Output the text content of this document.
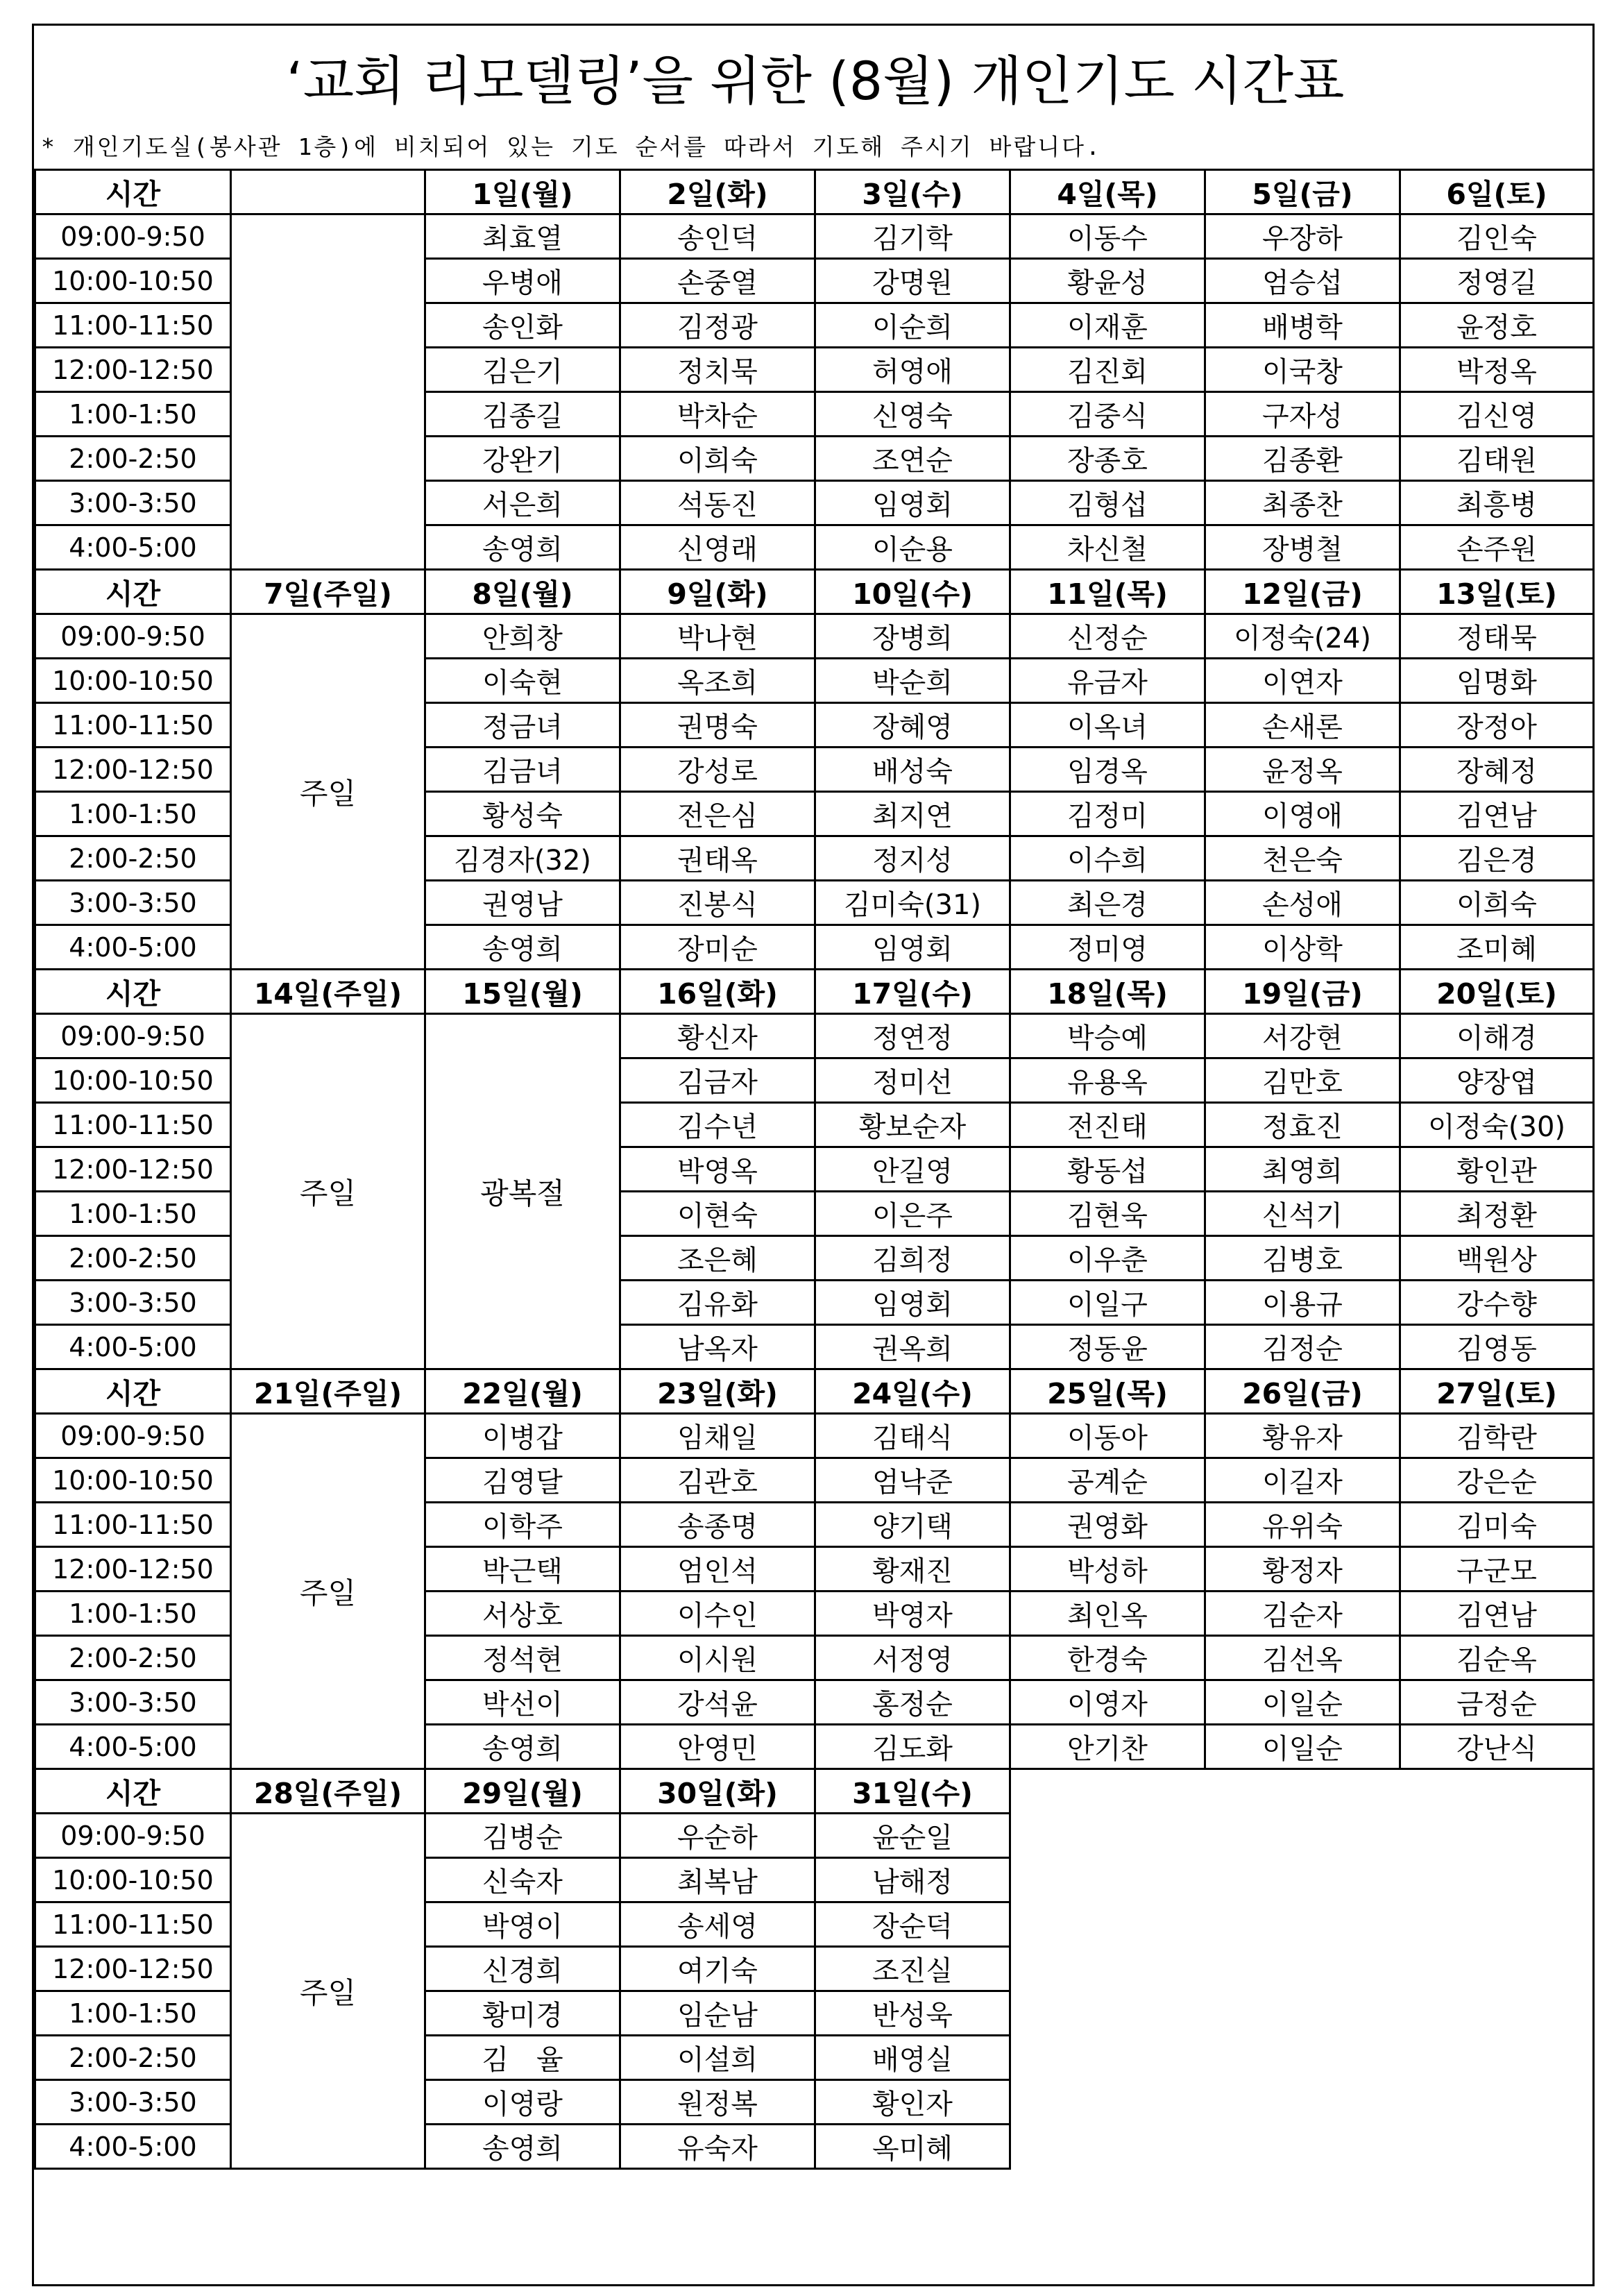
‘교회 리모델링’을 위한 (8월) 개인기도 시간표
* 개인기도실(봉사관 1층)에 비치되어 있는 기도 순서를 따라서 기도해 주시기 바랍니다.
시간		1일(월)	2일(화)	3일(수)	4일(목)	5일(금)	6일(토)
09:00-9:50		최효열	송인덕	김기학	이동수	우장하	김인숙
10:00-10:50		우병애	손중열	강명원	황윤성	엄승섭	정영길
11:00-11:50		송인화	김정광	이순희	이재훈	배병학	윤정호
12:00-12:50		김은기	정치묵	허영애	김진회	이국창	박정옥
1:00-1:50		김종길	박차순	신영숙	김중식	구자성	김신영
2:00-2:50		강완기	이희숙	조연순	장종호	김종환	김태원
3:00-3:50		서은희	석동진	임영회	김형섭	최종찬	최흥병
4:00-5:00		송영희	신영래	이순용	차신철	장병철	손주원
시간	7일(주일)	8일(월)	9일(화)	10일(수)	11일(목)	12일(금)	13일(토)
09:00-9:50	주일	안희창	박나현	장병희	신정순	이정숙(24)	정태묵
10:00-10:50		이숙현	옥조희	박순희	유금자	이연자	임명화
11:00-11:50		정금녀	권명숙	장혜영	이옥녀	손새론	장정아
12:00-12:50		김금녀	강성로	배성숙	임경옥	윤정옥	장혜정
1:00-1:50		황성숙	전은심	최지연	김정미	이영애	김연남
2:00-2:50		김경자(32)	권태옥	정지성	이수희	천은숙	김은경
3:00-3:50		권영남	진봉식	김미숙(31)	최은경	손성애	이희숙
4:00-5:00		송영희	장미순	임영회	정미영	이상학	조미혜
시간	14일(주일)	15일(월)	16일(화)	17일(수)	18일(목)	19일(금)	20일(토)
09:00-9:50	주일	광복절	황신자	정연정	박승예	서강현	이해경
10:00-10:50			김금자	정미선	유용옥	김만호	양장엽
11:00-11:50			김수년	황보순자	전진태	정효진	이정숙(30)
12:00-12:50			박영옥	안길영	황동섭	최영희	황인관
1:00-1:50			이현숙	이은주	김현욱	신석기	최정환
2:00-2:50			조은혜	김희정	이우춘	김병호	백원상
3:00-3:50			김유화	임영회	이일구	이용규	강수향
4:00-5:00			남옥자	권옥희	정동윤	김정순	김영동
시간	21일(주일)	22일(월)	23일(화)	24일(수)	25일(목)	26일(금)	27일(토)
09:00-9:50	주일	이병갑	임채일	김태식	이동아	황유자	김학란
10:00-10:50		김영달	김관호	엄낙준	공계순	이길자	강은순
11:00-11:50		이학주	송종명	양기택	권영화	유위숙	김미숙
12:00-12:50		박근택	엄인석	황재진	박성하	황정자	구군모
1:00-1:50		서상호	이수인	박영자	최인옥	김순자	김연남
2:00-2:50		정석현	이시원	서정영	한경숙	김선옥	김순옥
3:00-3:50		박선이	강석윤	홍정순	이영자	이일순	금정순
4:00-5:00		송영희	안영민	김도화	안기찬	이일순	강난식
시간	28일(주일)	29일(월)	30일(화)	31일(수)			
09:00-9:50	주일	김병순	우순하	윤순일			
10:00-10:50		신숙자	최복남	남해정			
11:00-11:50		박영이	송세영	장순덕			
12:00-12:50		신경희	여기숙	조진실			
1:00-1:50		황미경	임순남	반성욱			
2:00-2:50		김　율	이설희	배영실			
3:00-3:50		이영랑	원정복	황인자			
4:00-5:00		송영희	유숙자	옥미혜			
